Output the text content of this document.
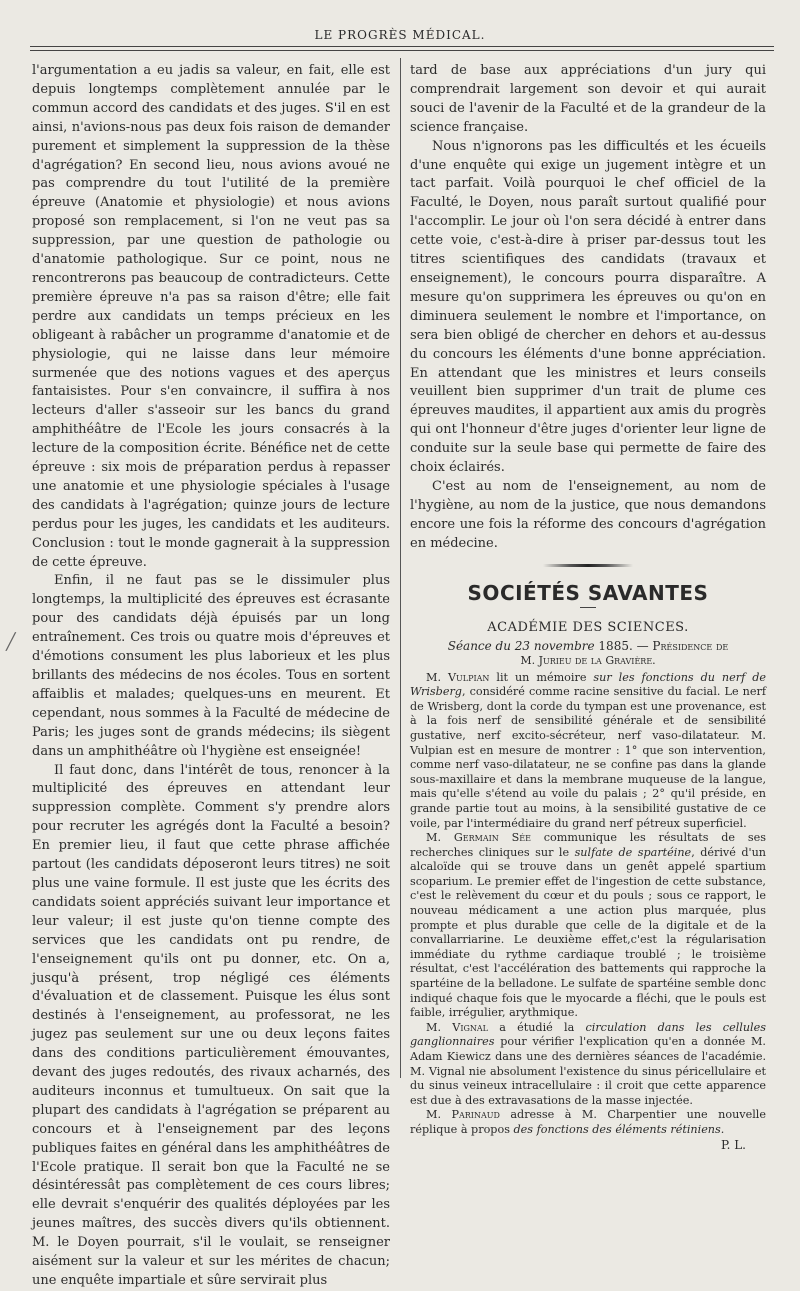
LE PROGRÈS MÉDICAL.
╱

l'argumentation a eu jadis sa valeur, en fait, elle est depuis longtemps complètement annulée par le commun accord des candidats et des juges. S'il en est ainsi, n'avions-nous pas deux fois raison de demander purement et simplement la suppression de la thèse d'agrégation? En second lieu, nous avions avoué ne pas comprendre du tout l'utilité de la première épreuve (Anatomie et physiologie) et nous avions proposé son remplacement, si l'on ne veut pas sa suppression, par une question de pathologie ou d'anatomie pathologique. Sur ce point, nous ne rencontrerons pas beaucoup de contradicteurs. Cette première épreuve n'a pas sa raison d'être; elle fait perdre aux candidats un temps précieux en les obligeant à rabâcher un programme d'anatomie et de physiologie, qui ne laisse dans leur mémoire surmenée que des notions vagues et des aperçus fantaisistes. Pour s'en convaincre, il suffira à nos lecteurs d'aller s'asseoir sur les bancs du grand amphithéâtre de l'Ecole les jours consacrés à la lecture de la composition écrite. Bénéfice net de cette épreuve : six mois de préparation perdus à repasser une anatomie et une physiologie spéciales à l'usage des candidats à l'agrégation; quinze jours de lecture perdus pour les juges, les candidats et les auditeurs. Conclusion : tout le monde gagnerait à la suppression de cette épreuve.

Enfin, il ne faut pas se le dissimuler plus longtemps, la multiplicité des épreuves est écrasante pour des candidats déjà épuisés par un long entraînement. Ces trois ou quatre mois d'épreuves et d'émotions consument les plus laborieux et les plus brillants des médecins de nos écoles. Tous en sortent affaiblis et malades; quelques-uns en meurent. Et cependant, nous sommes à la Faculté de médecine de Paris; les juges sont de grands médecins; ils siègent dans un amphithéâtre où l'hygiène est enseignée!

Il faut donc, dans l'intérêt de tous, renoncer à la multiplicité des épreuves en attendant leur suppression complète. Comment s'y prendre alors pour recruter les agrégés dont la Faculté a besoin? En premier lieu, il faut que cette phrase affichée partout (les candidats déposeront leurs titres) ne soit plus une vaine formule. Il est juste que les écrits des candidats soient appréciés suivant leur importance et leur valeur; il est juste qu'on tienne compte des services que les candidats ont pu rendre, de l'enseignement qu'ils ont pu donner, etc. On a, jusqu'à présent, trop négligé ces éléments d'évaluation et de classement. Puisque les élus sont destinés à l'enseignement, au professorat, ne les jugez pas seulement sur une ou deux leçons faites dans des conditions particulièrement émouvantes, devant des juges redoutés, des rivaux acharnés, des auditeurs inconnus et tumultueux. On sait que la plupart des candidats à l'agrégation se préparent au concours et à l'enseignement par des leçons publiques faites en général dans les amphithéâtres de l'Ecole pratique. Il serait bon que la Faculté ne se désintéressât pas complètement de ces cours libres; elle devrait s'enquérir des qualités déployées par les jeunes maîtres, des succès divers qu'ils obtiennent. M. le Doyen pourrait, s'il le voulait, se renseigner aisément sur la valeur et sur les mérites de chacun; une enquête impartiale et sûre servirait plus

tard de base aux appréciations d'un jury qui comprendrait largement son devoir et qui aurait souci de l'avenir de la Faculté et de la grandeur de la science française.

Nous n'ignorons pas les difficultés et les écueils d'une enquête qui exige un jugement intègre et un tact parfait. Voilà pourquoi le chef officiel de la Faculté, le Doyen, nous paraît surtout qualifié pour l'accomplir. Le jour où l'on sera décidé à entrer dans cette voie, c'est-à-dire à priser par-dessus tout les titres scientifiques des candidats (travaux et enseignement), le concours pourra disparaître. A mesure qu'on supprimera les épreuves ou qu'on en diminuera seulement le nombre et l'importance, on sera bien obligé de chercher en dehors et au-dessus du concours les éléments d'une bonne appréciation. En attendant que les ministres et leurs conseils veuillent bien supprimer d'un trait de plume ces épreuves maudites, il appartient aux amis du progrès qui ont l'honneur d'être juges d'orienter leur ligne de conduite sur la seule base qui permette de faire des choix éclairés.

C'est au nom de l'enseignement, au nom de l'hygiène, au nom de la justice, que nous demandons encore une fois la réforme des concours d'agrégation en médecine.

SOCIÉTÉS SAVANTES
ACADÉMIE DES SCIENCES.
Séance du 23 novembre 1885. — Présidence de
M. Jurieu de la Gravière.

M. Vulpian lit un mémoire sur les fonctions du nerf de Wrisberg, considéré comme racine sensitive du facial. Le nerf de Wrisberg, dont la corde du tympan est une provenance, est à la fois nerf de sensibilité générale et de sensibilité gustative, nerf excito-sécréteur, nerf vaso-dilatateur. M. Vulpian est en mesure de montrer : 1° que son intervention, comme nerf vaso-dilatateur, ne se confine pas dans la glande sous-maxillaire et dans la membrane muqueuse de la langue, mais qu'elle s'étend au voile du palais ; 2° qu'il préside, en grande partie tout au moins, à la sensibilité gustative de ce voile, par l'intermédiaire du grand nerf pétreux superficiel.

M. Germain Sée communique les résultats de ses recherches cliniques sur le sulfate de spartéine, dérivé d'un alcaloïde qui se trouve dans un genêt appelé spartium scoparium. Le premier effet de l'ingestion de cette substance, c'est le relèvement du cœur et du pouls ; sous ce rapport, le nouveau médicament a une action plus marquée, plus prompte et plus durable que celle de la digitale et de la convallarriarine. Le deuxième effet,c'est la régularisation immédiate du rythme cardiaque troublé ; le troisième résultat, c'est l'accélération des battements qui rapproche la spartéine de la belladone. Le sulfate de spartéine semble donc indiqué chaque fois que le myocarde a fléchi, que le pouls est faible, irrégulier, arythmique.

M. Vignal a étudié la circulation dans les cellules ganglionnaires pour vérifier l'explication qu'en a donnée M. Adam Kiewicz dans une des dernières séances de l'académie. M. Vignal nie absolument l'existence du sinus péricellulaire et du sinus veineux intracellulaire : il croit que cette apparence est due à des extravasations de la masse injectée.

M. Parinaud adresse à M. Charpentier une nouvelle réplique à propos des fonctions des éléments rétiniens.

P. L.
